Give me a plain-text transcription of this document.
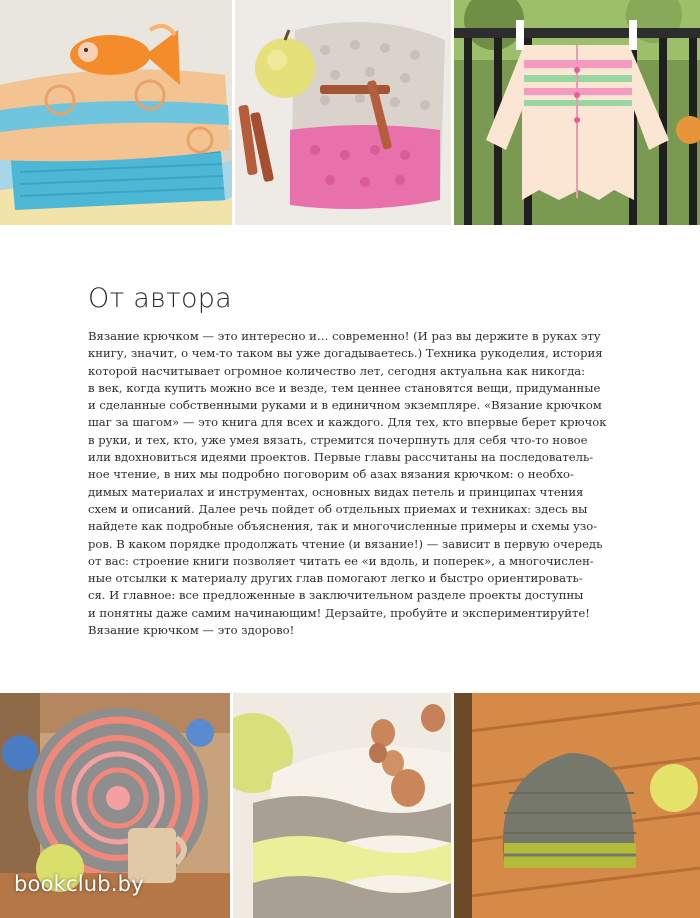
От автора

Вязание крючком — это интересно и… современно! (И раз вы держите в руках эту
книгу, значит, о чем-то таком вы уже догадываетесь.) Техника рукоделия, история
которой насчитывает огромное количество лет, сегодня актуальна как никогда:
в век, когда купить можно все и везде, тем ценнее становятся вещи, придуманные
и сделанные собственными руками и в единичном экземпляре. «Вязание крючком
шаг за шагом» — это книга для всех и каждого. Для тех, кто впервые берет крючок
в руки, и тех, кто, уже умея вязать, стремится почерпнуть для себя что-то новое
или вдохновиться идеями проектов. Первые главы рассчитаны на последователь-
ное чтение, в них мы подробно поговорим об азах вязания крючком: о необхо-
димых материалах и инструментах, основных видах петель и принципах чтения
схем и описаний. Далее речь пойдет об отдельных приемах и техниках: здесь вы
найдете как подробные объяснения, так и многочисленные примеры и схемы узо-
ров. В каком порядке продолжать чтение (и вязание!) — зависит в первую очередь
от вас: строение книги позволяет читать ее «и вдоль, и поперек», а многочислен-
ные отсылки к материалу других глав помогают легко и быстро ориентировать-
ся. И главное: все предложенные в заключительном разделе проекты доступны
и понятны даже самим начинающим! Дерзайте, пробуйте и экспериментируйте!
Вязание крючком — это здорово!

bookclub.by
